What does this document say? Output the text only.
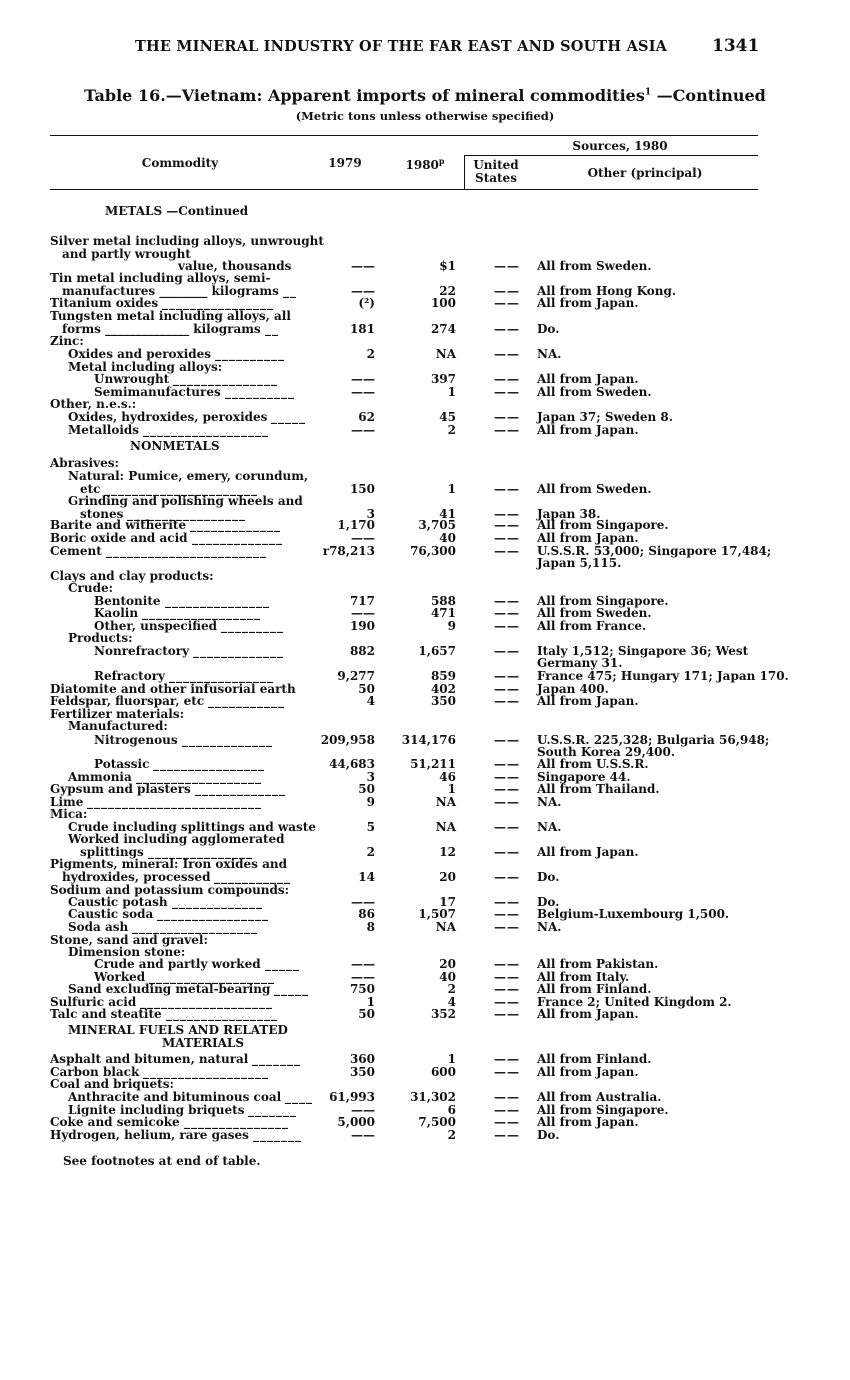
THE MINERAL INDUSTRY OF THE FAR EAST AND SOUTH ASIA	1341
Table 16.—Vietnam: Apparent imports of mineral commodities$^1$ —Continued
(Metric tons unless otherwise specified)
Commodity	1979	1980$^p$
Sources, 1980
United
States	Other (principal)
METALS —Continued
Silver metal including alloys, unwrought
and partly wrought
value, thousands	——	$1	—— All from Sweden.
Tin metal including alloys, semi-
manufactures ________ kilograms __	——	22	—— All from Hong Kong.
Titanium oxides ________________	(²)	100	—— All from Japan.
Tungsten metal including alloys, all
forms ______________ kilograms __	181	274	—— Do.
Zinc:
Oxides and peroxides __________	2	NA	—— NA.
Metal including alloys:
Unwrought _______________	——	397	—— All from Japan.
Semimanufactures __________	——	1	—— All from Sweden.
Other, n.e.s.:
Oxides, hydroxides, peroxides _____	62	45	—— Japan 37; Sweden 8.
Metalloids __________________	——	2	—— All from Japan.
NONMETALS
Abrasives:
Natural: Pumice, emery, corundum,
etc ______________________	150	1	—— All from Sweden.
Grinding and polishing wheels and
stones _________________	3	41	—— Japan 38.
Barite and witherite _____________	1,170	3,705	—— All from Singapore.
Boric oxide and acid _____________	——	40	—— All from Japan.
Cement _______________________	r78,213	76,300	—— U.S.S.R. 53,000; Singapore 17,484;
Japan 5,115.
Clays and clay products:
Crude:
Bentonite _______________	717	588	—— All from Singapore.
Kaolin _________________	——	471	—— All from Sweden.
Other, unspecified _________	190	9	—— All from France.
Products:
Nonrefractory _____________	882	1,657	—— Italy 1,512; Singapore 36; West
Germany 31.
Refractory _______________	9,277	859	—— France 475; Hungary 171; Japan 170.
Diatomite and other infusorial earth	50	402	—— Japan 400.
Feldspar, fluorspar, etc ___________	4	350	—— All from Japan.
Fertilizer materials:
Manufactured:
Nitrogenous _____________	209,958	314,176	—— U.S.S.R. 225,328; Bulgaria 56,948;
South Korea 29,400.
Potassic ________________	44,683	51,211	—— All from U.S.S.R.
Ammonia __________________	3	46	—— Singapore 44.
Gypsum and plasters _____________	50	1	—— All from Thailand.
Lime _________________________	9	NA	—— NA.
Mica:
Crude including splittings and waste	5	NA	—— NA.
Worked including agglomerated
splittings _______________	2	12	—— All from Japan.
Pigments, mineral: Iron oxides and
hydroxides, processed ___________	14	20	—— Do.
Sodium and potassium compounds:
Caustic potash _____________	——	17	—— Do.
Caustic soda ________________	86	1,507	—— Belgium-Luxembourg 1,500.
Soda ash __________________	8	NA	—— NA.
Stone, sand and gravel:
Dimension stone:
Crude and partly worked _____	——	20	—— All from Pakistan.
Worked __________________	——	40	—— All from Italy.
Sand excluding metal-bearing _____	750	2	—— All from Finland.
Sulfuric acid ___________________	1	4	—— France 2; United Kingdom 2.
Talc and steatite ________________	50	352	—— All from Japan.
MINERAL FUELS AND RELATED
MATERIALS
Asphalt and bitumen, natural _______	360	1	—— All from Finland.
Carbon black __________________	350	600	—— All from Japan.
Coal and briquets:
Anthracite and bituminous coal ____	61,993	31,302	—— All from Australia.
Lignite including briquets _______	——	6	—— All from Singapore.
Coke and semicoke _______________	5,000	7,500	—— All from Japan.
Hydrogen, helium, rare gases _______	——	2	—— Do.
See footnotes at end of table.
